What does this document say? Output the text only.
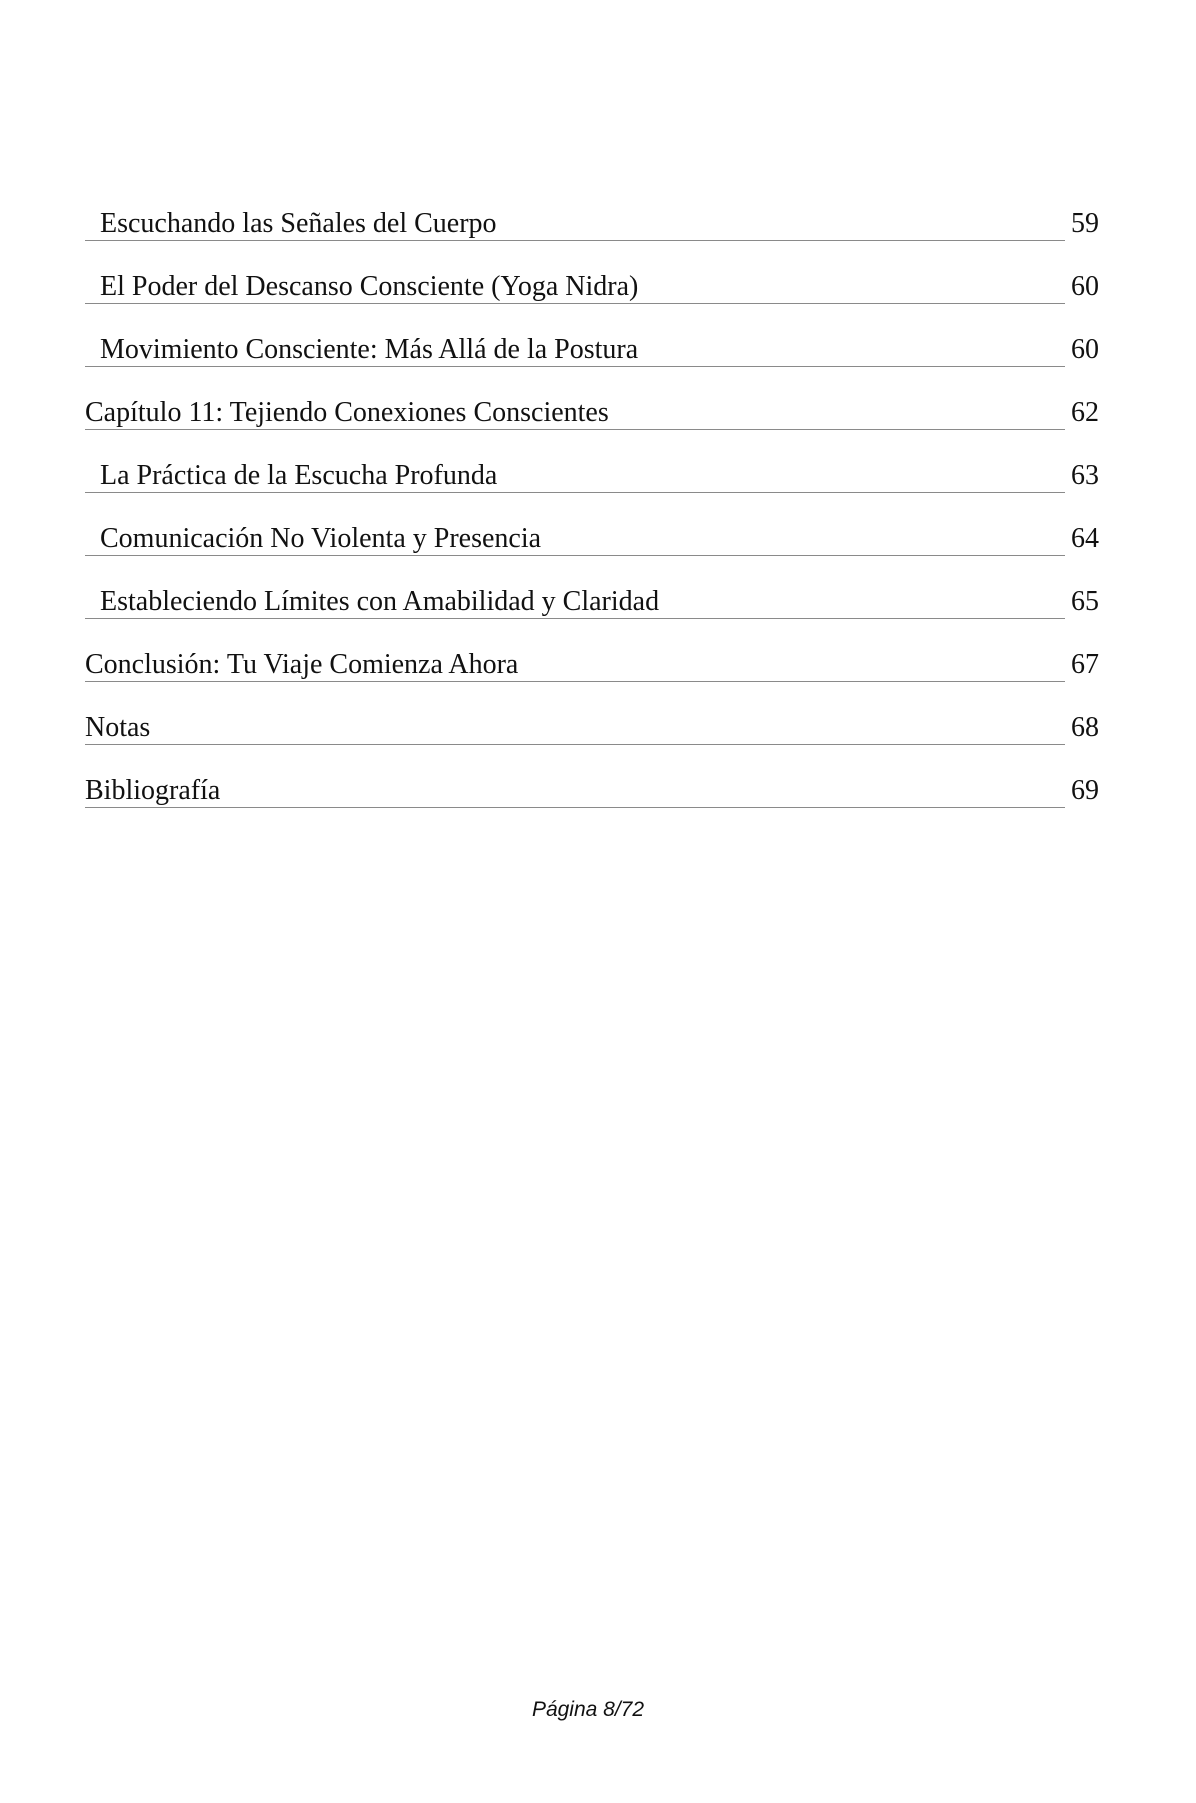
Escuchando las Señales del Cuerpo	59
El Poder del Descanso Consciente (Yoga Nidra)	60
Movimiento Consciente: Más Allá de la Postura	60
Capítulo 11: Tejiendo Conexiones Conscientes	62
La Práctica de la Escucha Profunda	63
Comunicación No Violenta y Presencia	64
Estableciendo Límites con Amabilidad y Claridad	65
Conclusión: Tu Viaje Comienza Ahora	67
Notas	68
Bibliografía	69
Página 8/72
